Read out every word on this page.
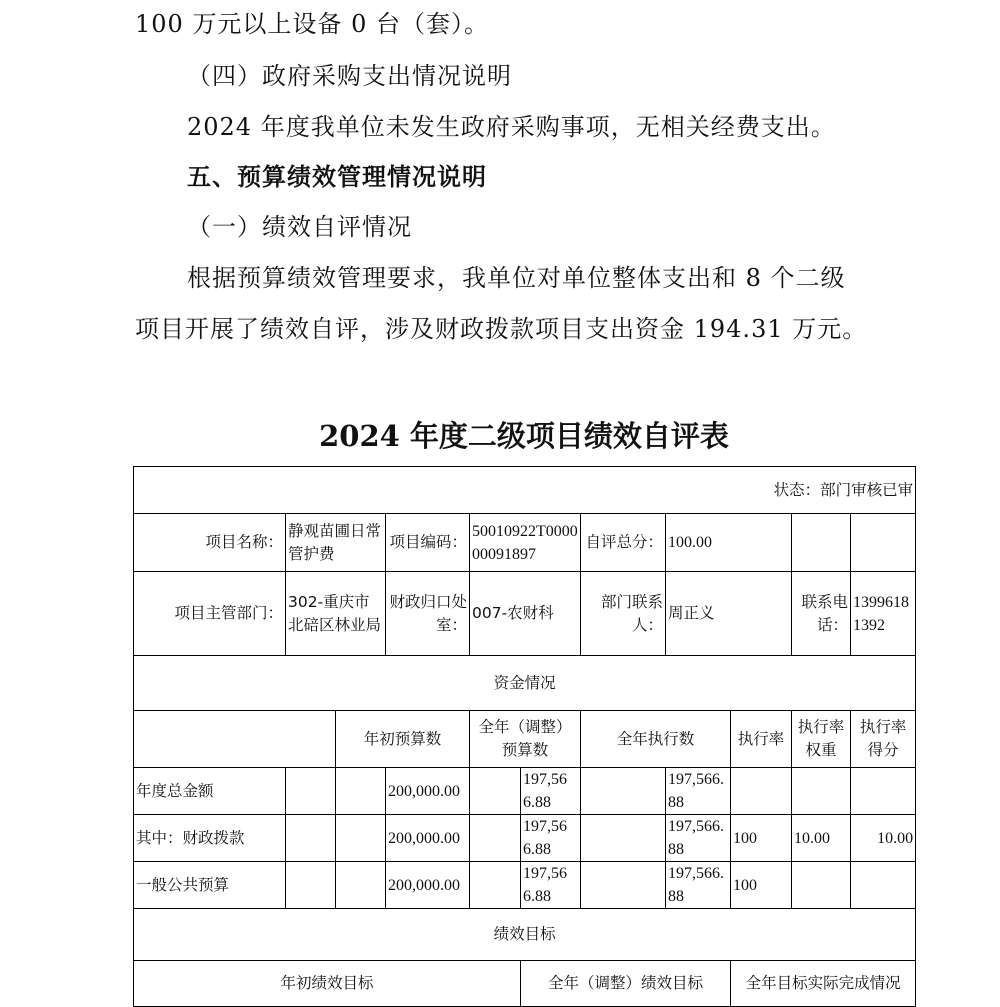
100 万元以上设备 0 台（套）。
（四）政府采购支出情况说明
2024 年度我单位未发生政府采购事项，无相关经费支出。
五、预算绩效管理情况说明
（一）绩效自评情况
根据预算绩效管理要求，我单位对单位整体支出和 8 个二级
项目开展了绩效自评，涉及财政拨款项目支出资金 194.31 万元。
2024 年度二级项目绩效自评表
状态：部门审核已审										
项目名称：	静观苗圃日常管护费		项目编码：	50010922T000000091897		自评总分：	100.00			
项目主管部门：	302-重庆市北碚区林业局		财政归口处室：	007-农财科		部门联系人：	周正义		联系电话：	13996181392
资金情况										
		年初预算数		全年（调整）预算数		全年执行数		执行率	执行率权重	执行率得分
年度总金额			200,000.00		197,566.88		197,566.88			
其中：财政拨款			200,000.00		197,566.88		197,566.88	100	10.00	10.00
一般公共预算			200,000.00		197,566.88		197,566.88	100		
绩效目标										
年初绩效目标					全年（调整）绩效目标			全年目标实际完成情况		
